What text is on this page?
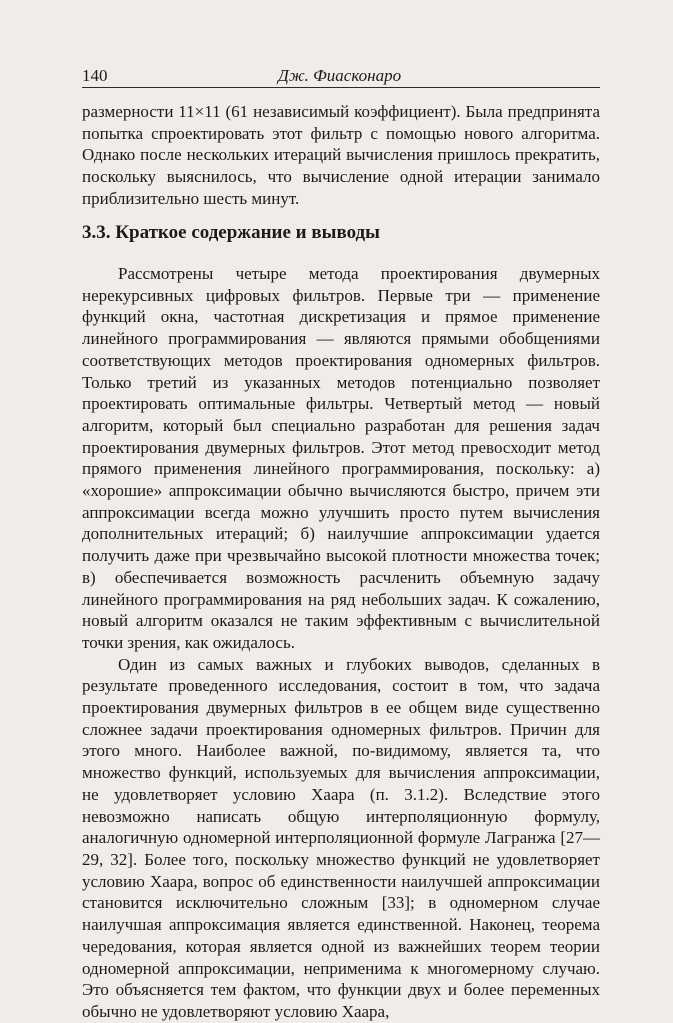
140	Дж. Фиасконаро

размерности 11×11 (61 независимый коэффициент). Была предпринята попытка спроектировать этот фильтр с помощью нового алгоритма. Однако после нескольких итераций вычисления пришлось прекратить, поскольку выяснилось, что вычисление одной итерации занимало приблизительно шесть минут.

3.3. Краткое содержание и выводы

Рассмотрены четыре метода проектирования двумерных нерекурсивных цифровых фильтров. Первые три — применение функций окна, частотная дискретизация и прямое применение линейного программирования — являются прямыми обобщениями соответствующих методов проектирования одномерных фильтров. Только третий из указанных методов потенциально позволяет проектировать оптимальные фильтры. Четвертый метод — новый алгоритм, который был специально разработан для решения задач проектирования двумерных фильтров. Этот метод превосходит метод прямого применения линейного программирования, поскольку: а) «хорошие» аппроксимации обычно вычисляются быстро, причем эти аппроксимации всегда можно улучшить просто путем вычисления дополнительных итераций; б) наилучшие аппроксимации удается получить даже при чрезвычайно высокой плотности множества точек; в) обеспечивается возможность расчленить объемную задачу линейного программирования на ряд небольших задач. К сожалению, новый алгоритм оказался не таким эффективным с вычислительной точки зрения, как ожидалось.

Один из самых важных и глубоких выводов, сделанных в результате проведенного исследования, состоит в том, что задача проектирования двумерных фильтров в ее общем виде существенно сложнее задачи проектирования одномерных фильтров. Причин для этого много. Наиболее важной, по-видимому, является та, что множество функций, используемых для вычисления аппроксимации, не удовлетворяет условию Хаара (п. 3.1.2). Вследствие этого невозможно написать общую интерполяционную формулу, аналогичную одномерной интерполяционной формуле Лагранжа [27—29, 32]. Более того, поскольку множество функций не удовлетворяет условию Хаара, вопрос об единственности наилучшей аппроксимации становится исключительно сложным [33]; в одномерном случае наилучшая аппроксимация является единственной. Наконец, теорема чередования, которая является одной из важнейших теорем теории одномерной аппроксимации, неприменима к многомерному случаю. Это объясняется тем фактом, что функции двух и более переменных обычно не удовлетворяют условию Хаара,
